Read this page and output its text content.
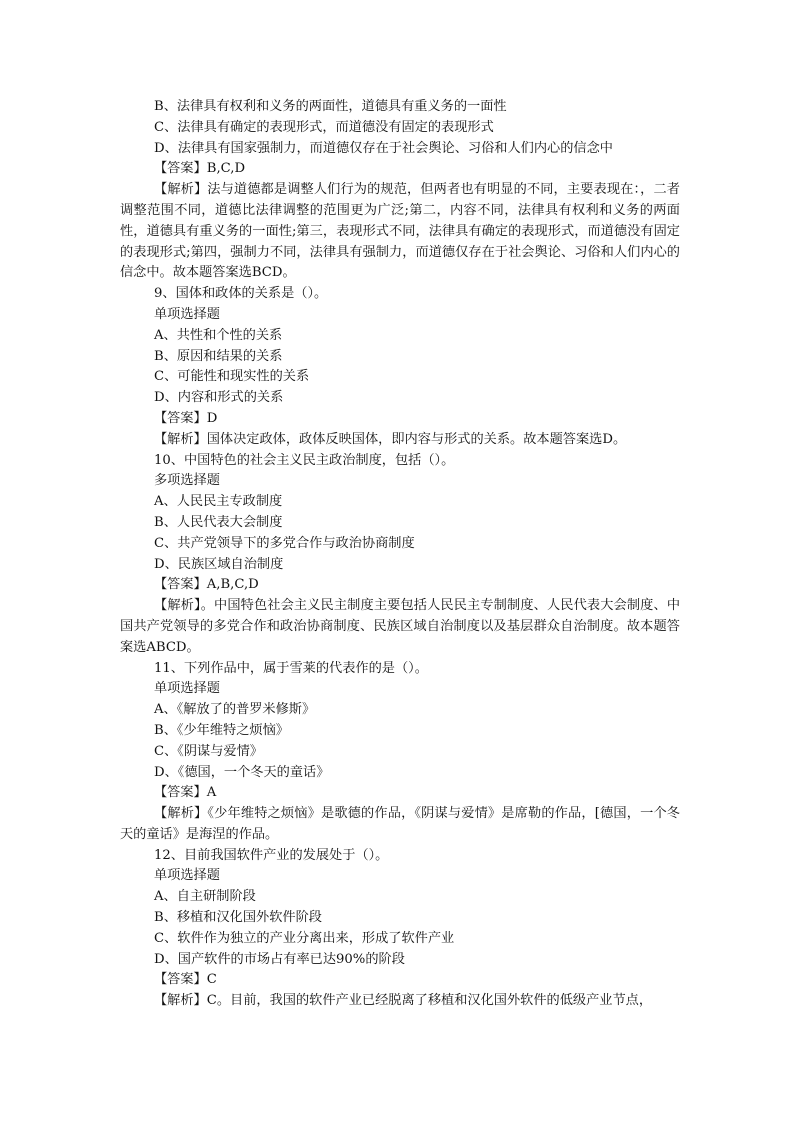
B、法律具有权利和义务的两面性，道德具有重义务的一面性
C、法律具有确定的表现形式，而道德没有固定的表现形式
D、法律具有国家强制力，而道德仅存在于社会舆论、习俗和人们内心的信念中
【答案】B,C,D
【解析】法与道德都是调整人们行为的规范，但两者也有明显的不同，主要表现在：，二者调整范围不同，道德比法律调整的范围更为广泛;第二，内容不同，法律具有权利和义务的两面性，道德具有重义务的一面性;第三，表现形式不同，法律具有确定的表现形式，而道德没有固定的表现形式;第四，强制力不同，法律具有强制力，而道德仅存在于社会舆论、习俗和人们内心的信念中。故本题答案选BCD。
9、国体和政体的关系是（）。
单项选择题
A、共性和个性的关系
B、原因和结果的关系
C、可能性和现实性的关系
D、内容和形式的关系
【答案】D
【解析】国体决定政体，政体反映国体，即内容与形式的关系。故本题答案选D。
10、中国特色的社会主义民主政治制度，包括（）。
多项选择题
A、人民民主专政制度
B、人民代表大会制度
C、共产党领导下的多党合作与政治协商制度
D、民族区域自治制度
【答案】A,B,C,D
【解析】。中国特色社会主义民主制度主要包括人民民主专制制度、人民代表大会制度、中国共产党领导的多党合作和政治协商制度、民族区域自治制度以及基层群众自治制度。故本题答案选ABCD。
11、下列作品中，属于雪莱的代表作的是（）。
单项选择题
A、《解放了的普罗米修斯》
B、《少年维特之烦恼》
C、《阴谋与爱情》
D、《德国，一个冬天的童话》
【答案】A
【解析】《少年维特之烦恼》是歌德的作品，《阴谋与爱情》是席勒的作品，[德国，一个冬天的童话》是海涅的作品。
12、目前我国软件产业的发展处于（）。
单项选择题
A、自主研制阶段
B、移植和汉化国外软件阶段
C、软件作为独立的产业分离出来，形成了软件产业
D、国产软件的市场占有率已达90%的阶段
【答案】C
【解析】C。目前，我国的软件产业已经脱离了移植和汉化国外软件的低级产业节点，
